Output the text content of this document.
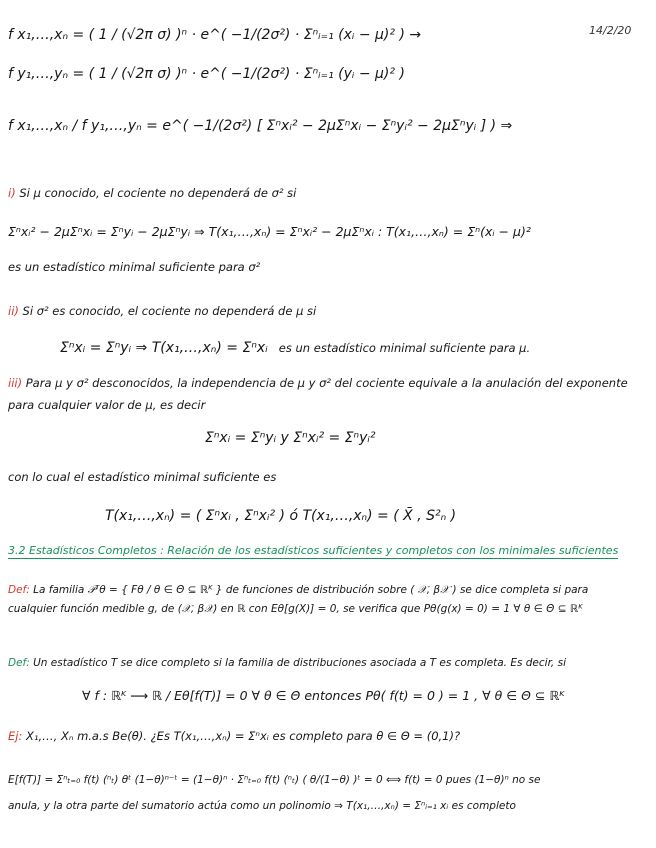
14/2/20
f x₁,…,xₙ = ( 1 / (√2π σ) )ⁿ · e^( −1/(2σ²) · Σⁿᵢ₌₁ (xᵢ − μ)² ) →
f y₁,…,yₙ = ( 1 / (√2π σ) )ⁿ · e^( −1/(2σ²) · Σⁿᵢ₌₁ (yᵢ − μ)² )
f x₁,…,xₙ / f y₁,…,yₙ = e^( −1/(2σ²) [ Σⁿxᵢ² − 2μΣⁿxᵢ − Σⁿyᵢ² − 2μΣⁿyᵢ ] ) ⇒
i) Si μ conocido, el cociente no dependerá de σ² si
Σⁿxᵢ² − 2μΣⁿxᵢ = Σⁿyᵢ − 2μΣⁿyᵢ ⇒ T(x₁,…,xₙ) = Σⁿxᵢ² − 2μΣⁿxᵢ : T(x₁,…,xₙ) = Σⁿ(xᵢ − μ)²
es un estadístico minimal suficiente para σ²
ii) Si σ² es conocido, el cociente no dependerá de μ si
Σⁿxᵢ = Σⁿyᵢ ⇒ T(x₁,…,xₙ) = Σⁿxᵢ es un estadístico minimal suficiente para μ.
iii) Para μ y σ² desconocidos, la independencia de μ y σ² del cociente equivale a la anulación del exponente
para cualquier valor de μ, es decir
Σⁿxᵢ = Σⁿyᵢ y Σⁿxᵢ² = Σⁿyᵢ²
con lo cual el estadístico minimal suficiente es
T(x₁,…,xₙ) = ( Σⁿxᵢ , Σⁿxᵢ² ) ó T(x₁,…,xₙ) = ( X̄ , S²ₙ )
3.2 Estadísticos Completos : Relación de los estadísticos suficientes y completos con los minimales suficientes
Def: La familia 𝒫ᵀθ = { Fθ / θ ∈ Θ ⊆ ℝᴷ } de funciones de distribución sobre ( 𝒳, β𝒳 ) se dice completa si para
cualquier función medible g, de (𝒳, β𝒳) en ℝ con Eθ[g(X)] = 0, se verifica que Pθ(g(x) = 0) = 1 ∀ θ ∈ Θ ⊆ ℝᴷ
Def: Un estadístico T se dice completo si la familia de distribuciones asociada a T es completa. Es decir, si
∀ f : ℝᴷ ⟶ ℝ / Eθ[f(T)] = 0 ∀ θ ∈ Θ entonces Pθ( f(t) = 0 ) = 1 , ∀ θ ∈ Θ ⊆ ℝᴷ
Ej: X₁,…, Xₙ m.a.s Be(θ). ¿Es T(x₁,…,xₙ) = Σⁿxᵢ es completo para θ ∈ Θ = (0,1)?
E[f(T)] = Σⁿₜ₌₀ f(t) (ⁿₜ) θᵗ (1−θ)ⁿ⁻ᵗ = (1−θ)ⁿ · Σⁿₜ₌₀ f(t) (ⁿₜ) ( θ/(1−θ) )ᵗ = 0 ⟺ f(t) = 0 pues (1−θ)ⁿ no se
anula, y la otra parte del sumatorio actúa como un polinomio ⇒ T(x₁,…,xₙ) = Σⁿᵢ₌₁ xᵢ es completo
